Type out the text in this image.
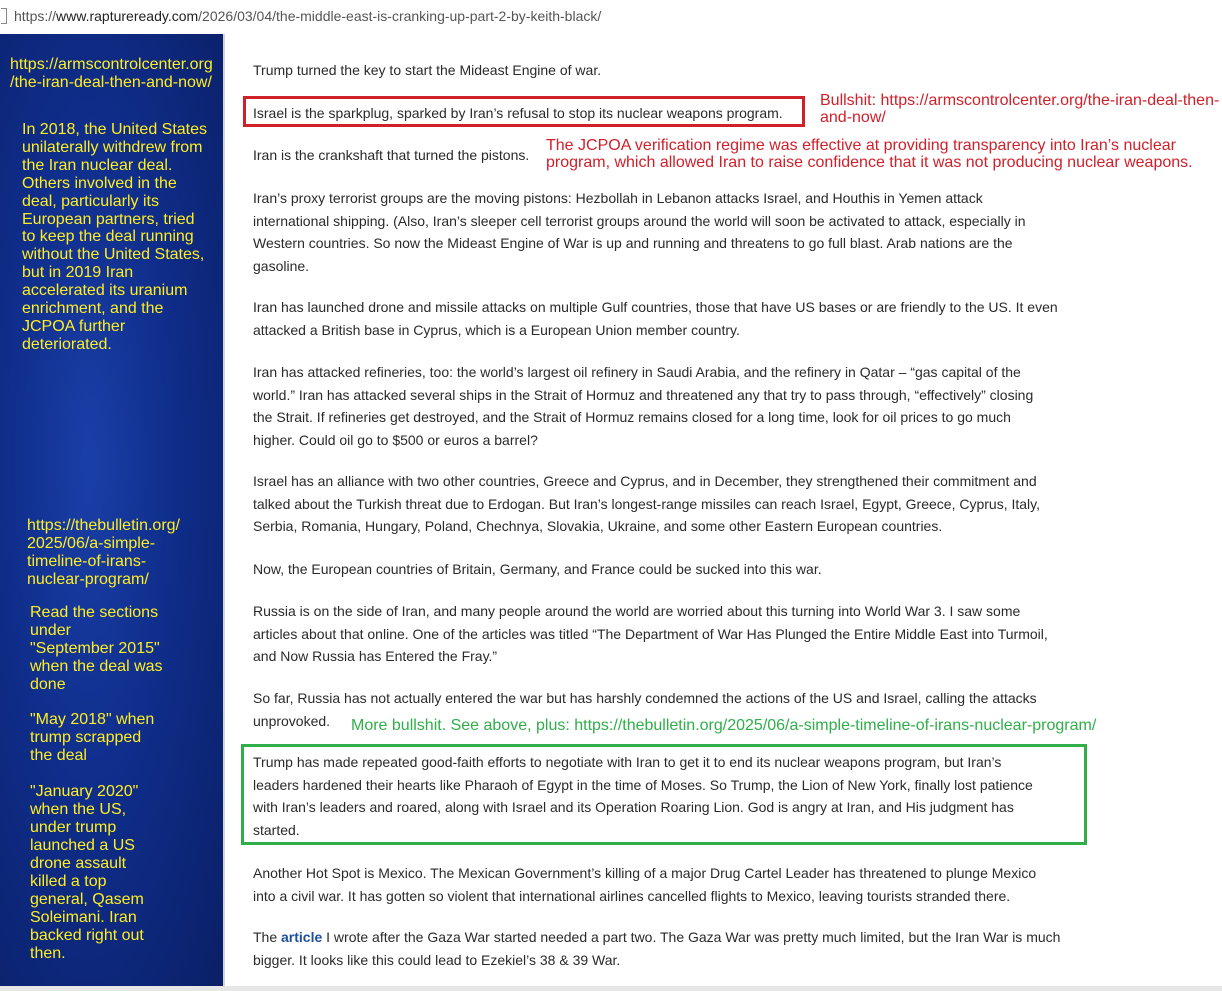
https://www.raptureready.com/2026/03/04/the-middle-east-is-cranking-up-part-2-by-keith-black/
https://armscontrolcenter.org
/the-iran-deal-then-and-now/
In 2018, the United States
unilaterally withdrew from
the Iran nuclear deal.
Others involved in the
deal, particularly its
European partners, tried
to keep the deal running
without the United States,
but in 2019 Iran
accelerated its uranium
enrichment, and the
JCPOA further
deteriorated.
https://thebulletin.org/
2025/06/a-simple-
timeline-of-irans-
nuclear-program/
Read the sections
under
"September 2015"
when the deal was
done
"May 2018" when
trump scrapped
the deal
"January 2020"
when the US,
under trump
launched a US
drone assault
killed a top
general, Qasem
Soleimani. Iran
backed right out
then.
Trump turned the key to start the Mideast Engine of war.
Israel is the sparkplug, sparked by Iran’s refusal to stop its nuclear weapons program.
Iran is the crankshaft that turned the pistons.
Iran’s proxy terrorist groups are the moving pistons: Hezbollah in Lebanon attacks Israel, and Houthis in Yemen attack
international shipping. (Also, Iran’s sleeper cell terrorist groups around the world will soon be activated to attack, especially in
Western countries. So now the Mideast Engine of War is up and running and threatens to go full blast. Arab nations are the
gasoline.
Iran has launched drone and missile attacks on multiple Gulf countries, those that have US bases or are friendly to the US. It even
attacked a British base in Cyprus, which is a European Union member country.
Iran has attacked refineries, too: the world’s largest oil refinery in Saudi Arabia, and the refinery in Qatar – “gas capital of the
world.” Iran has attacked several ships in the Strait of Hormuz and threatened any that try to pass through, “effectively” closing
the Strait. If refineries get destroyed, and the Strait of Hormuz remains closed for a long time, look for oil prices to go much
higher. Could oil go to $500 or euros a barrel?
Israel has an alliance with two other countries, Greece and Cyprus, and in December, they strengthened their commitment and
talked about the Turkish threat due to Erdogan. But Iran’s longest-range missiles can reach Israel, Egypt, Greece, Cyprus, Italy,
Serbia, Romania, Hungary, Poland, Chechnya, Slovakia, Ukraine, and some other Eastern European countries.
Now, the European countries of Britain, Germany, and France could be sucked into this war.
Russia is on the side of Iran, and many people around the world are worried about this turning into World War 3. I saw some
articles about that online. One of the articles was titled “The Department of War Has Plunged the Entire Middle East into Turmoil,
and Now Russia has Entered the Fray.”
So far, Russia has not actually entered the war but has harshly condemned the actions of the US and Israel, calling the attacks
unprovoked.
Trump has made repeated good-faith efforts to negotiate with Iran to get it to end its nuclear weapons program, but Iran’s
leaders hardened their hearts like Pharaoh of Egypt in the time of Moses. So Trump, the Lion of New York, finally lost patience
with Iran’s leaders and roared, along with Israel and its Operation Roaring Lion. God is angry at Iran, and His judgment has
started.
Another Hot Spot is Mexico. The Mexican Government’s killing of a major Drug Cartel Leader has threatened to plunge Mexico
into a civil war. It has gotten so violent that international airlines cancelled flights to Mexico, leaving tourists stranded there.
The article I wrote after the Gaza War started needed a part two. The Gaza War was pretty much limited, but the Iran War is much
bigger. It looks like this could lead to Ezekiel’s 38 & 39 War.
Bullshit: https://armscontrolcenter.org/the-iran-deal-then-
and-now/
The JCPOA verification regime was effective at providing transparency into Iran’s nuclear
program, which allowed Iran to raise confidence that it was not producing nuclear weapons.
More bullshit. See above, plus: https://thebulletin.org/2025/06/a-simple-timeline-of-irans-nuclear-program/
